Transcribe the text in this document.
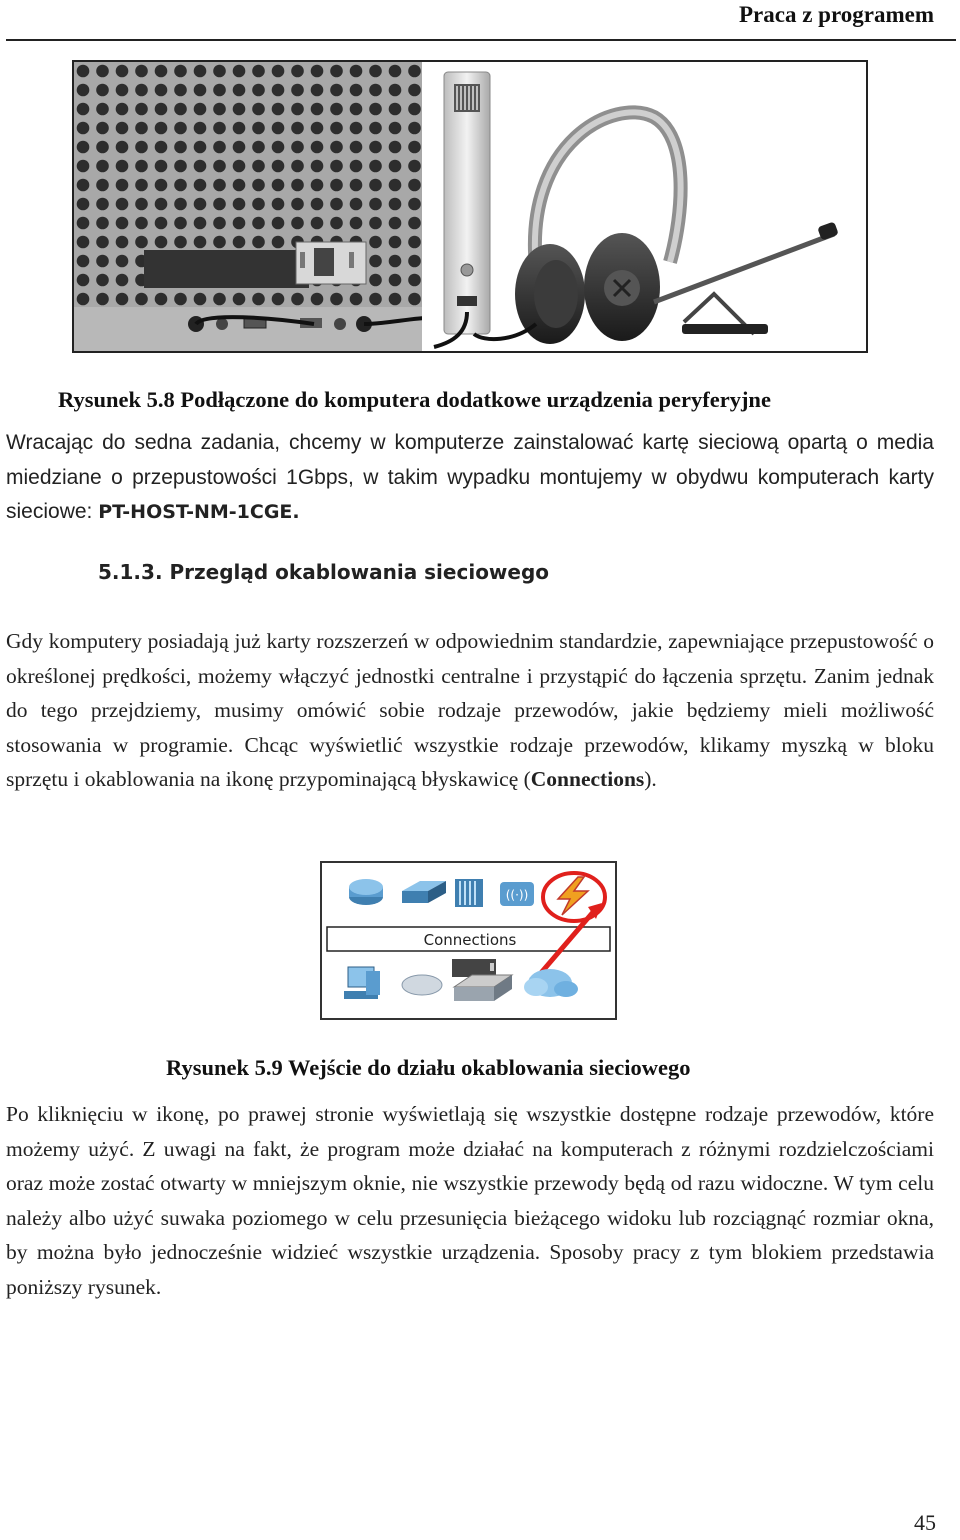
Praca z programem
Rysunek 5.8 Podłączone do komputera dodatkowe urządzenia peryferyjne

Wracając do sedna zadania, chcemy w komputerze zainstalować kartę sieciową opartą o media miedziane o przepustowości 1Gbps, w takim wypadku montujemy w obydwu komputerach karty sieciowe: PT-HOST-NM-1CGE.

5.1.3. Przegląd okablowania sieciowego

Gdy komputery posiadają już karty rozszerzeń w odpowiednim standardzie, zapewniające przepustowość o określonej prędkości, możemy włączyć jednostki centralne i przystąpić do łączenia sprzętu. Zanim jednak do tego przejdziemy, musimy omówić sobie rodzaje przewodów, jakie będziemy mieli możliwość stosowania w programie. Chcąc wyświetlić wszystkie rodzaje przewodów, klikamy myszką w bloku sprzętu i okablowania na ikonę przypominającą błyskawicę (Connections).

((·))
Connections
Rysunek 5.9 Wejście do działu okablowania sieciowego

Po kliknięciu w ikonę, po prawej stronie wyświetlają się wszystkie dostępne rodzaje przewodów, które możemy użyć. Z uwagi na fakt, że program może działać na komputerach z różnymi rozdzielczościami oraz może zostać otwarty w mniejszym oknie, nie wszystkie przewody będą od razu widoczne. W tym celu należy albo użyć suwaka poziomego w celu przesunięcia bieżącego widoku lub rozciągnąć rozmiar okna, by można było jednocześnie widzieć wszystkie urządzenia. Sposoby pracy z tym blokiem przedstawia poniższy rysunek.

45
